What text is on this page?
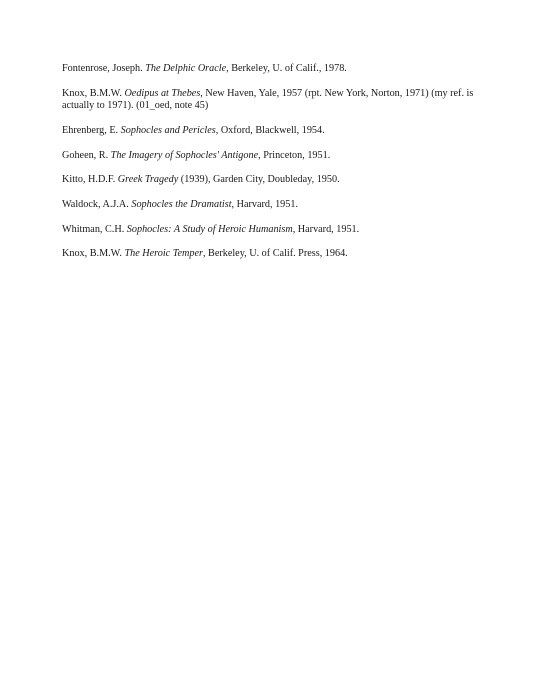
Fontenrose, Joseph. The Delphic Oracle, Berkeley, U. of Calif., 1978.

Knox, B.M.W. Oedipus at Thebes, New Haven, Yale, 1957 (rpt. New York, Norton, 1971) (my ref. is actually to 1971). (01_oed, note 45)

Ehrenberg, E. Sophocles and Pericles, Oxford, Blackwell, 1954.

Goheen, R. The Imagery of Sophocles' Antigone, Princeton, 1951.

Kitto, H.D.F. Greek Tragedy (1939), Garden City, Doubleday, 1950.

Waldock, A.J.A. Sophocles the Dramatist, Harvard, 1951.

Whitman, C.H. Sophocles: A Study of Heroic Humanism, Harvard, 1951.

Knox, B.M.W. The Heroic Temper, Berkeley, U. of Calif. Press, 1964.
